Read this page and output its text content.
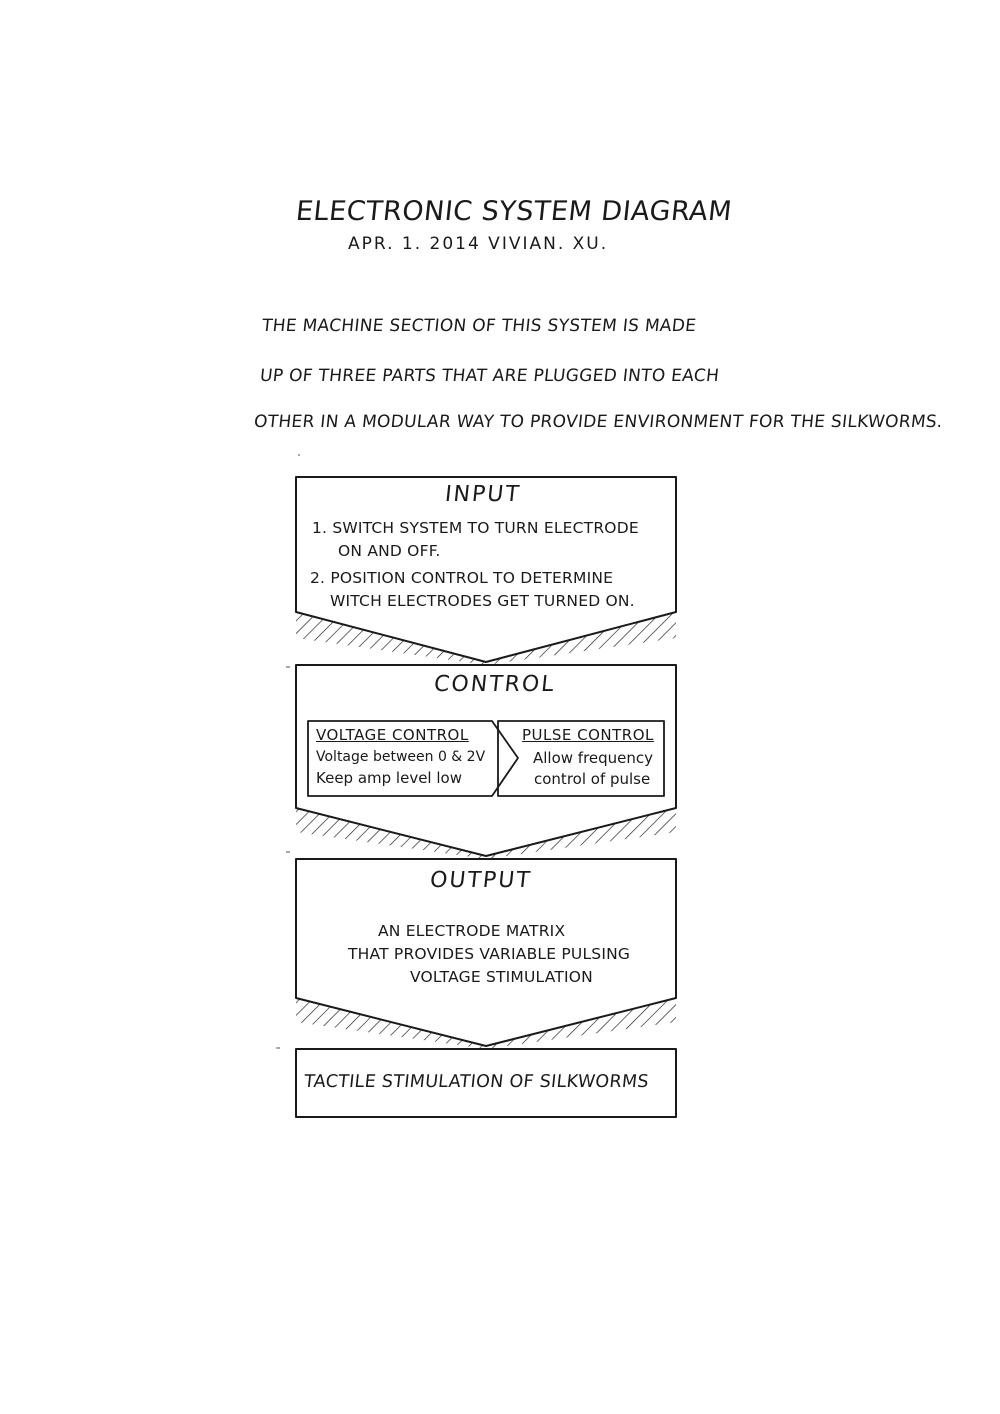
ELECTRONIC SYSTEM DIAGRAM
APR. 1. 2014 VIVIAN. XU.
THE MACHINE SECTION OF THIS SYSTEM IS MADE
UP OF THREE PARTS THAT ARE PLUGGED INTO EACH
OTHER IN A MODULAR WAY TO PROVIDE ENVIRONMENT FOR THE SILKWORMS.
INPUT
1. SWITCH SYSTEM TO TURN ELECTRODE
ON AND OFF.
2. POSITION CONTROL TO DETERMINE
WITCH ELECTRODES GET TURNED ON.
CONTROL
VOLTAGE CONTROL
Voltage between 0 & 2V
Keep amp level low
PULSE CONTROL
Allow frequency
control of pulse
OUTPUT
AN ELECTRODE MATRIX
THAT PROVIDES VARIABLE PULSING
VOLTAGE STIMULATION
TACTILE STIMULATION OF SILKWORMS
